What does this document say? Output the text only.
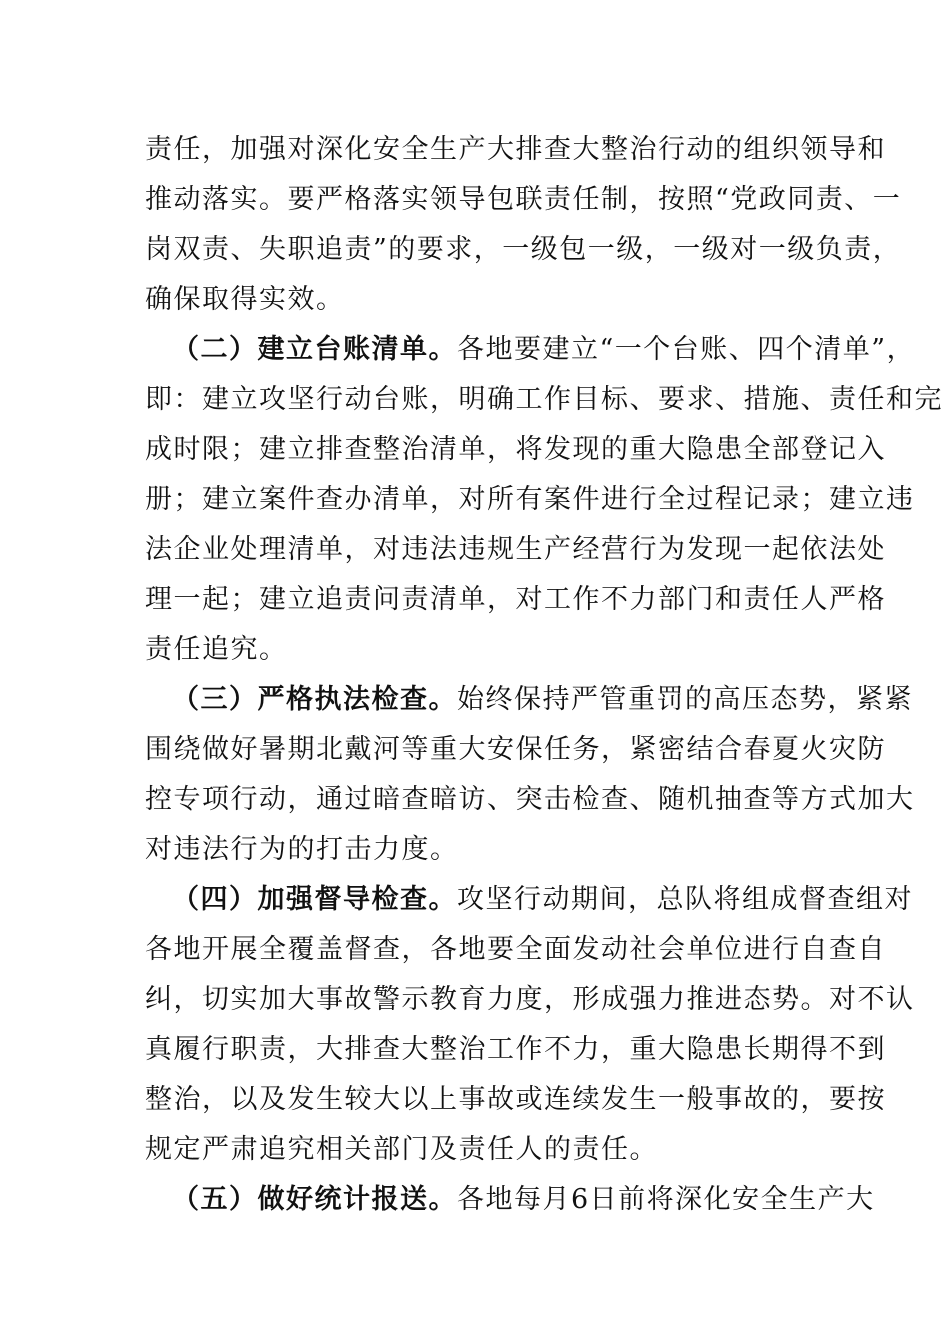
责任，加强对深化安全生产大排查大整治行动的组织领导和
推动落实。要严格落实领导包联责任制，按照“党政同责、一
岗双责、失职追责”的要求，一级包一级，一级对一级负责，
确保取得实效。
（二）建立台账清单。各地要建立“一个台账、四个清单”，
即：建立攻坚行动台账，明确工作目标、要求、措施、责任和完
成时限；建立排查整治清单，将发现的重大隐患全部登记入
册；建立案件查办清单，对所有案件进行全过程记录；建立违
法企业处理清单，对违法违规生产经营行为发现一起依法处
理一起；建立追责问责清单，对工作不力部门和责任人严格
责任追究。
（三）严格执法检查。始终保持严管重罚的高压态势，紧紧
围绕做好暑期北戴河等重大安保任务，紧密结合春夏火灾防
控专项行动，通过暗查暗访、突击检查、随机抽查等方式加大
对违法行为的打击力度。
（四）加强督导检查。攻坚行动期间，总队将组成督查组对
各地开展全覆盖督查，各地要全面发动社会单位进行自查自
纠，切实加大事故警示教育力度，形成强力推进态势。对不认
真履行职责，大排查大整治工作不力，重大隐患长期得不到
整治，以及发生较大以上事故或连续发生一般事故的，要按
规定严肃追究相关部门及责任人的责任。
（五）做好统计报送。各地每月6日前将深化安全生产大
